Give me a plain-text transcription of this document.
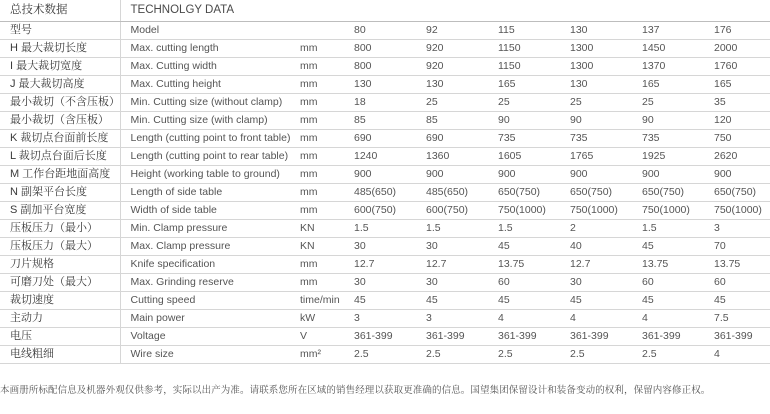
总技术数据	TECHNOLGY DATA								
型号	Model		80	92	115	130	137	176	
H 最大裁切长度	Max. cutting length	mm	800	920	1150	1300	1450	2000	
I 最大裁切宽度	Max. Cutting width	mm	800	920	1150	1300	1370	1760	
J 最大裁切高度	Max. Cutting height	mm	130	130	165	130	165	165	
最小裁切（不含压板）	Min. Cutting size (without clamp)	mm	18	25	25	25	25	35	
最小裁切（含压板）	Min. Cutting size (with clamp)	mm	85	85	90	90	90	120	
K 裁切点台面前长度	Length (cutting point to front table)	mm	690	690	735	735	735	750	
L 裁切点台面后长度	Length (cutting point to rear table)	mm	1240	1360	1605	1765	1925	2620	
M 工作台距地面高度	Height (working table to ground)	mm	900	900	900	900	900	900	
N 副架平台长度	Length of side table	mm	485(650)	485(650)	650(750)	650(750)	650(750)	650(750)	
S 副加平台宽度	Width of side table	mm	600(750)	600(750)	750(1000)	750(1000)	750(1000)	750(1000)	
压板压力（最小）	Min. Clamp pressure	KN	1.5	1.5	1.5	2	1.5	3	
压板压力（最大）	Max. Clamp pressure	KN	30	30	45	40	45	70	
刀片规格	Knife specification	mm	12.7	12.7	13.75	12.7	13.75	13.75	
可磨刀处（最大）	Max. Grinding reserve	mm	30	30	60	30	60	60	
裁切速度	Cutting speed	time/min	45	45	45	45	45	45	
主动力	Main power	kW	3	3	4	4	4	7.5	
电压	Voltage	V	361-399	361-399	361-399	361-399	361-399	361-399	
电线粗细	Wire size	mm²	2.5	2.5	2.5	2.5	2.5	4	
本画册所标配信息及机器外观仅供参考，实际以出产为准。请联系您所在区域的销售经理以获取更准确的信息。国望集团保留设计和装备变动的权利，保留内容修正权。
